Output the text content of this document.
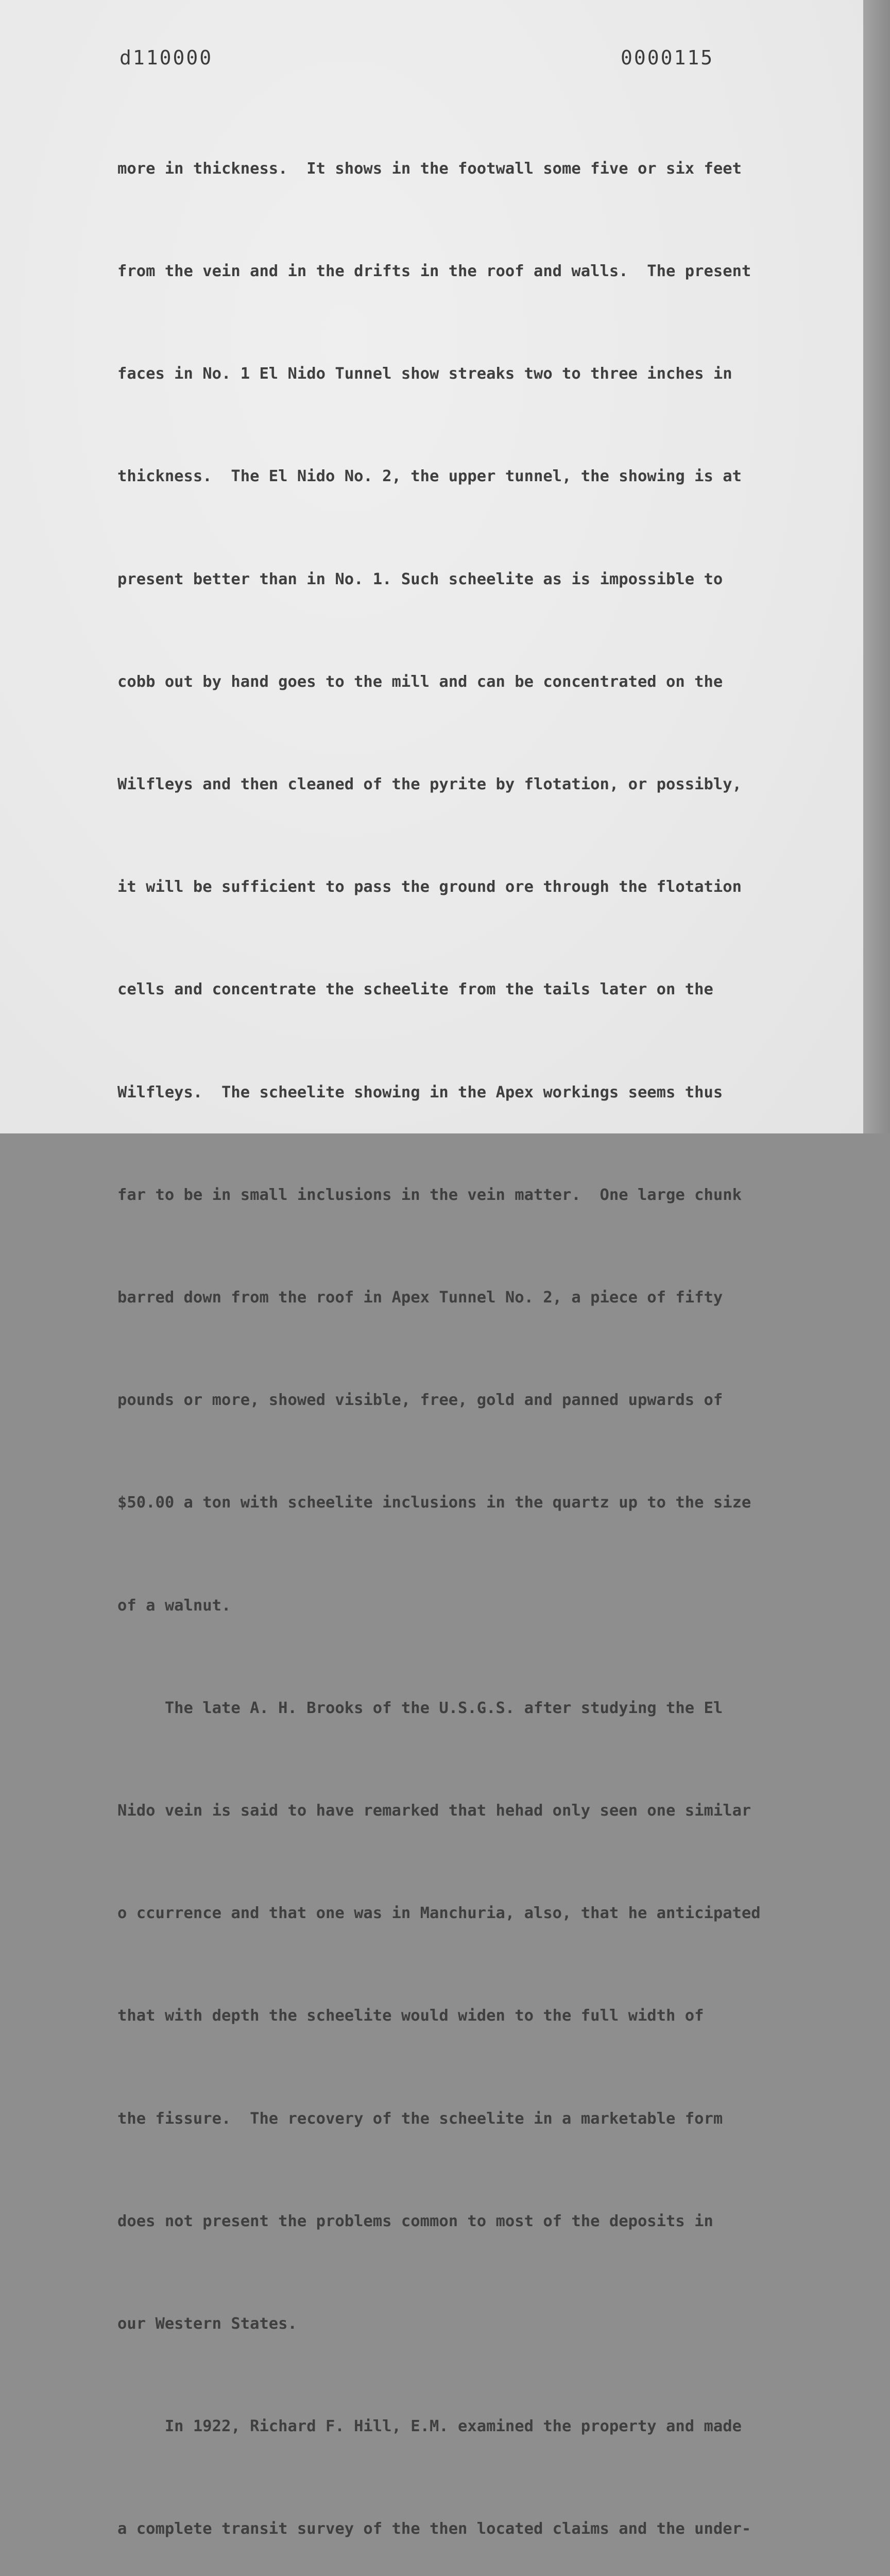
d110000	0000115

more in thickness.  It shows in the footwall some five or six feet

from the vein and in the drifts in the roof and walls.  The present

faces in No. 1 El Nido Tunnel show streaks two to three inches in

thickness.  The El Nido No. 2, the upper tunnel, the showing is at

present better than in No. 1. Such scheelite as is impossible to

cobb out by hand goes to the mill and can be concentrated on the

Wilfleys and then cleaned of the pyrite by flotation, or possibly,

it will be sufficient to pass the ground ore through the flotation

cells and concentrate the scheelite from the tails later on the

Wilfleys.  The scheelite showing in the Apex workings seems thus

far to be in small inclusions in the vein matter.  One large chunk

barred down from the roof in Apex Tunnel No. 2, a piece of fifty

pounds or more, showed visible, free, gold and panned upwards of

$50.00 a ton with scheelite inclusions in the quartz up to the size

of a walnut.

The late A. H. Brooks of the U.S.G.S. after studying the El

Nido vein is said to have remarked that hehad only seen one similar

o ccurrence and that one was in Manchuria, also, that he anticipated

that with depth the scheelite would widen to the full width of

the fissure.  The recovery of the scheelite in a marketable form

does not present the problems common to most of the deposits in

our Western States.

In 1922, Richard F. Hill, E.M. examined the property and made

a complete transit survey of the then located claims and the under-
